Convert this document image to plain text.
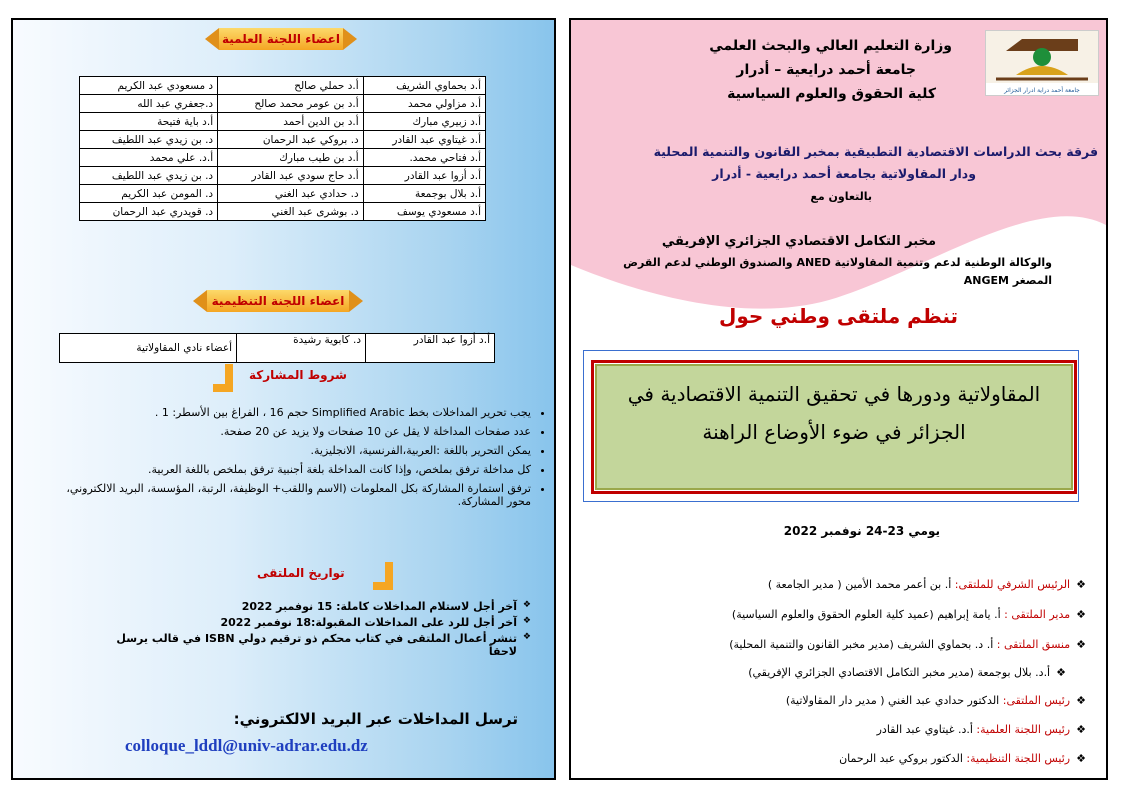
اعضاء اللجنة العلمية
أ.د بحماوي الشريف	أ.د حملي صالح	د مسعودي عبد الكريم
أ.د مزاولي محمد	أ.د بن عومر محمد صالح	د.جعفري عبد الله
أ.د زبيري مبارك	أ.د بن الدين أحمد	أ.د باية فتيحة
أ.د غيتاوي عبد القادر	د. بروكي عبد الرحمان	د. بن زيدي عبد اللطيف
أ.د فتاحي محمد.	أ.د بن طيب مبارك	أ.د. علي محمد
أ.د أزوا عبد القادر	أ.د حاج سودي عبد القادر	د. بن زيدي عبد اللطيف
أ.د بلال بوجمعة	د. حدادي عبد الغني	د. المومن عبد الكريم
أ.د مسعودي يوسف	د. بوشرى عبد الغني	د. قويدري عبد الرحمان
اعضاء اللجنة التنظيمية
أ.د أزوا عبد القادر	د. كابوية رشيدة	أعضاء نادي المقاولاتية
شروط المشاركة
• يجب تحرير المداخلات بخط Simplified Arabic حجم 16 ، الفراغ بين الأسطر: 1 .
• عدد صفحات المداخلة لا يقل عن 10 صفحات ولا يزيد عن 20 صفحة.
• يمكن التحرير باللغة :العربية،الفرنسية، الانجليزية.
• كل مداخلة ترفق بملخص، وإذا كانت المداخلة بلغة أجنبية ترفق بملخص باللغة العربية.
• ترفق استمارة المشاركة بكل المعلومات (الاسم واللقب+ الوظيفة، الرتبة، المؤسسة، البريد الالكتروني، محور المشاركة.
تواريخ الملتقى
❖ آخر أجل لاستلام المداخلات كاملة: 15 نوفمبر 2022
❖ آخر أجل للرد على المداخلات المقبولة:18 نوفمبر 2022
❖ تنشر أعمال الملتقى في كتاب محكم ذو ترقيم دولي ISBN في قالب يرسل لاحقاً
ترسل المداخلات عبر البريد الالكتروني:
colloque_lddl@univ-adrar.edu.dz
جامعة أحمد دراية ادرار الجزائر
وزارة التعليم العالي والبحث العلمي
جامعة أحمد درايعية – أدرار
كلية الحقوق والعلوم السياسية
فرقة بحث الدراسات الاقتصادية التطبيقية بمخبر القانون والتنمية المحلية
ودار المقاولاتية بجامعة أحمد درايعية - أدرار
بالتعاون مع
مخبر التكامل الاقتصادي الجزائري الإفريقي
والوكالة الوطنية لدعم وتنمية المقاولاتية ANED والصندوق الوطني لدعم القرض
المصغر ANGEM
تنظم ملتقى وطني حول
المقاولاتية ودورها في تحقيق التنمية الاقتصادية في
الجزائر في ضوء الأوضاع الراهنة
يومي 23-24 نوفمبر 2022
❖الرئيس الشرفي للملتقى: أ. بن أعمر محمد الأمين ( مدير الجامعة )
❖مدير الملتقى : أ. يامة إبراهيم (عميد كلية العلوم الحقوق والعلوم السياسية)
❖منسق الملتقى : أ. د. بحماوي الشريف (مدير مخبر القانون والتنمية المحلية)
❖أ.د. بلال بوجمعة (مدير مخبر التكامل الاقتصادي الجزائري الإفريقي)
❖رئيس الملتقى: الدكتور حدادي عبد الغني ( مدير دار المقاولاتية)
❖رئيس اللجنة العلمية: أ.د. غيتاوي عبد القادر
❖رئيس اللجنة التنظيمية: الدكتور بروكي عبد الرحمان
